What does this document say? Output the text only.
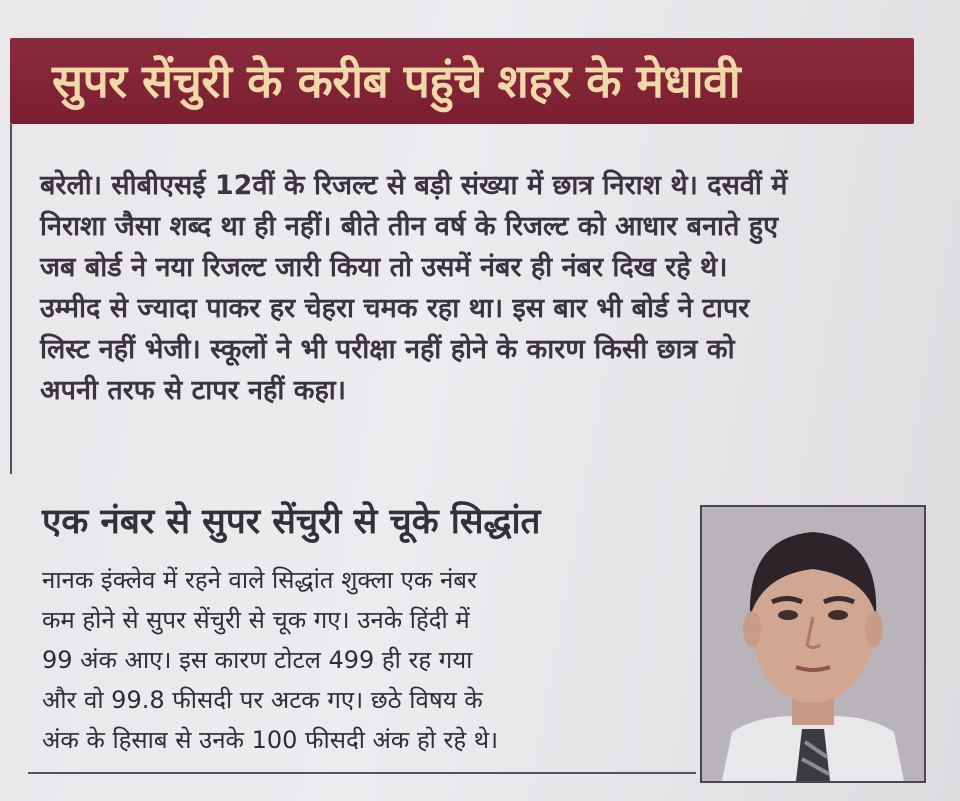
सुपर सेंचुरी के करीब पहुंचे शहर के मेधावी

बरेली। सीबीएसई 12वीं के रिजल्ट से बड़ी संख्या में छात्र निराश थे। दसवीं में

निराशा जैसा शब्द था ही नहीं। बीते तीन वर्ष के रिजल्ट को आधार बनाते हुए

जब बोर्ड ने नया रिजल्ट जारी किया तो उसमें नंबर ही नंबर दिख रहे थे।

उम्मीद से ज्यादा पाकर हर चेहरा चमक रहा था। इस बार भी बोर्ड ने टापर

लिस्ट नहीं भेजी। स्कूलों ने भी परीक्षा नहीं होने के कारण किसी छात्र को

अपनी तरफ से टापर नहीं कहा।

एक नंबर से सुपर सेंचुरी से चूके सिद्धांत

नानक इंक्लेव में रहने वाले सिद्धांत शुक्ला एक नंबर

कम होने से सुपर सेंचुरी से चूक गए। उनके हिंदी में

99 अंक आए। इस कारण टोटल 499 ही रह गया

और वो 99.8 फीसदी पर अटक गए। छठे विषय के

अंक के हिसाब से उनके 100 फीसदी अंक हो रहे थे।
